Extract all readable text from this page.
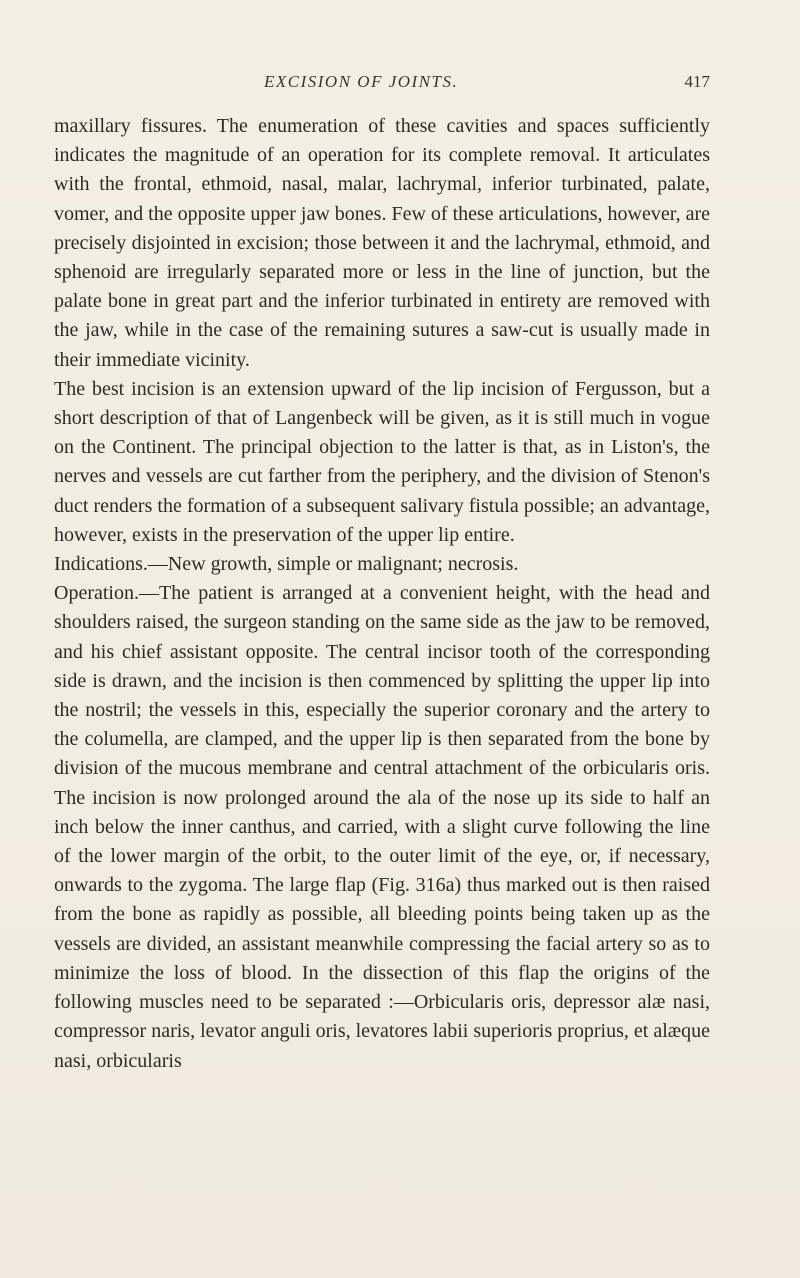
EXCISION OF JOINTS.	417

maxillary fissures. The enumeration of these cavities and spaces sufficiently indicates the magnitude of an operation for its complete removal. It articulates with the frontal, ethmoid, nasal, malar, lachrymal, inferior turbinated, palate, vomer, and the opposite upper jaw bones. Few of these articulations, however, are precisely disjointed in excision; those between it and the lachrymal, ethmoid, and sphenoid are irregularly separated more or less in the line of junction, but the palate bone in great part and the inferior turbinated in entirety are removed with the jaw, while in the case of the remaining sutures a saw-cut is usually made in their immediate vicinity.

The best incision is an extension upward of the lip incision of Fergusson, but a short description of that of Langenbeck will be given, as it is still much in vogue on the Continent. The principal objection to the latter is that, as in Liston's, the nerves and vessels are cut farther from the periphery, and the division of Stenon's duct renders the formation of a subsequent salivary fistula possible; an advantage, however, exists in the preservation of the upper lip entire.

Indications.—New growth, simple or malignant; necrosis.

Operation.—The patient is arranged at a convenient height, with the head and shoulders raised, the surgeon standing on the same side as the jaw to be removed, and his chief assistant opposite. The central incisor tooth of the corresponding side is drawn, and the incision is then commenced by splitting the upper lip into the nostril; the vessels in this, especially the superior coronary and the artery to the columella, are clamped, and the upper lip is then separated from the bone by division of the mucous membrane and central attachment of the orbicularis oris. The incision is now prolonged around the ala of the nose up its side to half an inch below the inner canthus, and carried, with a slight curve following the line of the lower margin of the orbit, to the outer limit of the eye, or, if necessary, onwards to the zygoma. The large flap (Fig. 316a) thus marked out is then raised from the bone as rapidly as possible, all bleeding points being taken up as the vessels are divided, an assistant meanwhile compressing the facial artery so as to minimize the loss of blood. In the dissection of this flap the origins of the following muscles need to be separated :—Orbicularis oris, depressor alæ nasi, compressor naris, levator anguli oris, levatores labii superioris proprius, et alæque nasi, orbicularis
